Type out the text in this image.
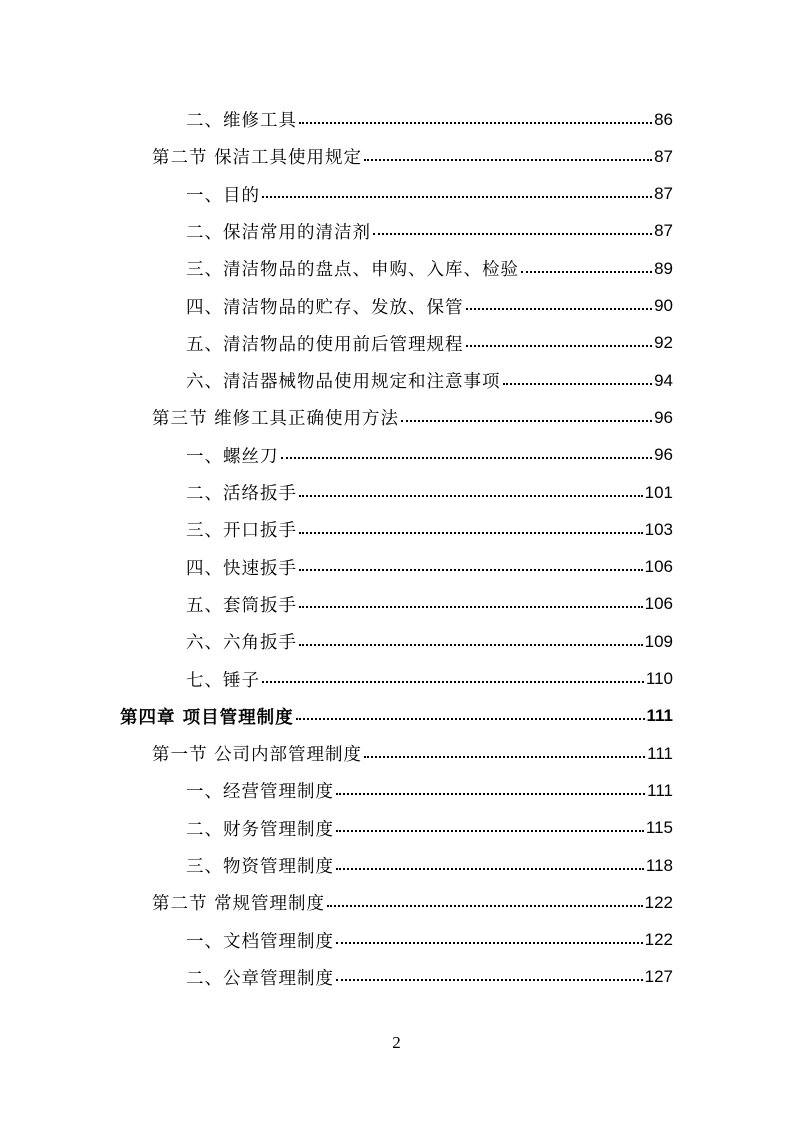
二、维修工具	86
第二节 保洁工具使用规定	87
一、目的	87
二、保洁常用的清洁剂	87
三、清洁物品的盘点、申购、入库、检验	89
四、清洁物品的贮存、发放、保管	90
五、清洁物品的使用前后管理规程	92
六、清洁器械物品使用规定和注意事项	94
第三节 维修工具正确使用方法	96
一、螺丝刀	96
二、活络扳手	101
三、开口扳手	103
四、快速扳手	106
五、套筒扳手	106
六、六角扳手	109
七、锤子	110
第四章 项目管理制度	111
第一节 公司内部管理制度	111
一、经营管理制度	111
二、财务管理制度	115
三、物资管理制度	118
第二节 常规管理制度	122
一、文档管理制度	122
二、公章管理制度	127
2
